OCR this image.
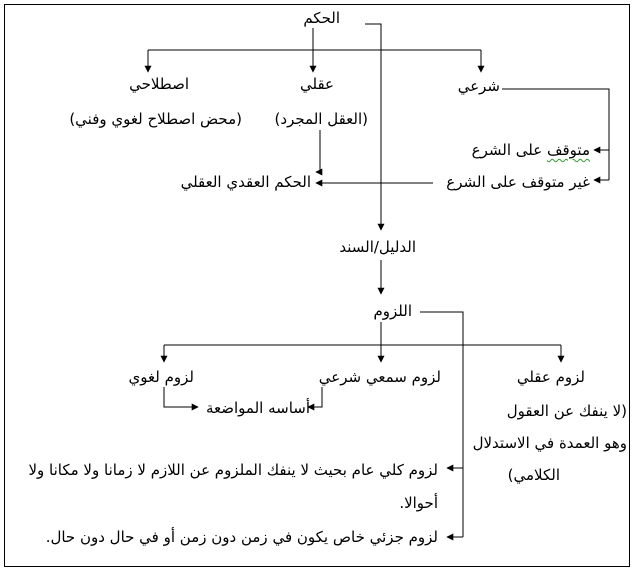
الحكم
اصطلاحي	عقلي	شرعي
(محض اصطلاح لغوي وفني) (العقل المجرد)
متوقف على الشرع
غير متوقف على الشرع
الحكم العقدي العقلي
الدليل/السند
اللزوم
لزوم لغوي	لزوم سمعي شرعي	لزوم عقلي
(لا ينفك عن العقول
وهو العمدة في الاستدلال
الكلامي)
أساسه المواضعة
لزوم كلي عام بحيث لا ينفك الملزوم عن اللازم لا زمانا ولا مكانا ولا
أحوالا.
لزوم جزئي خاص يكون في زمن دون زمن أو في حال دون حال.
